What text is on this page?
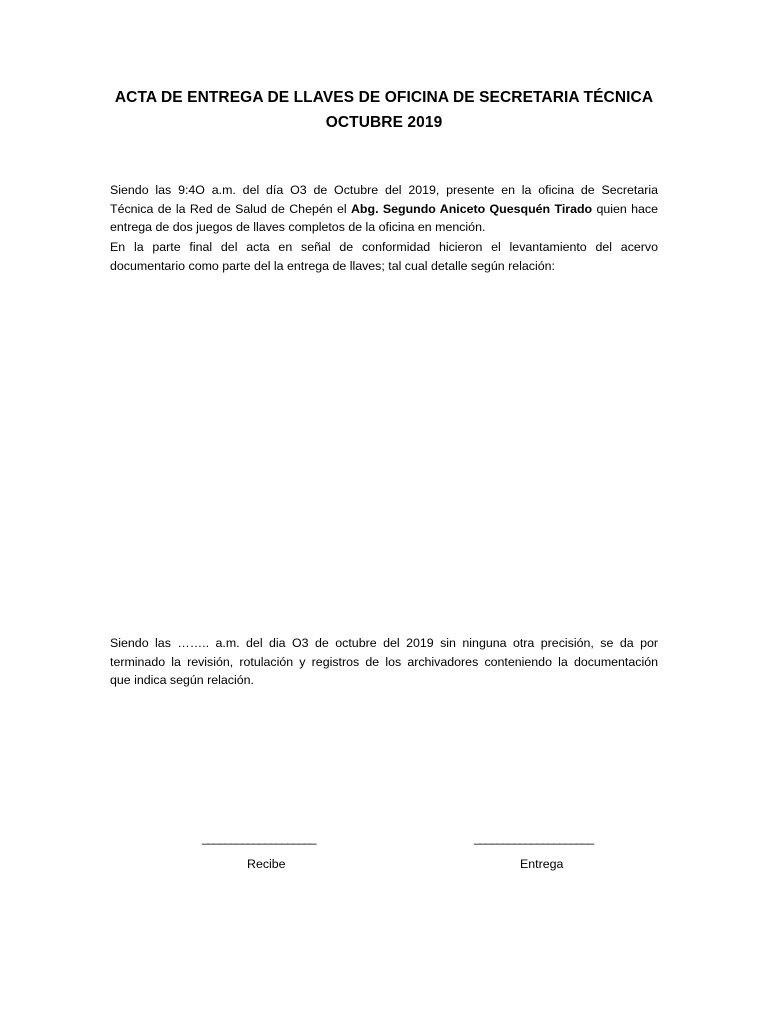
ACTA DE ENTREGA DE LLAVES DE OFICINA DE SECRETARIA TÉCNICA
OCTUBRE 2019
Siendo las 9:4O a.m. del día O3 de Octubre del 2019, presente en la oficina de Secretaria
Técnica de la Red de Salud de Chepén el Abg. Segundo Aniceto Quesquén Tirado quien hace
entrega de dos juegos de llaves completos de la oficina en mención.
En la parte final del acta en señal de conformidad hicieron el levantamiento del acervo
documentario como parte del la entrega de llaves; tal cual detalle según relación:
Siendo las …….. a.m. del dia O3 de octubre del 2019 sin ninguna otra precisión, se da por
terminado la revisión, rotulación y registros de los archivadores conteniendo la documentación
que indica según relación.
____________________	_____________________
Recibe	Entrega
